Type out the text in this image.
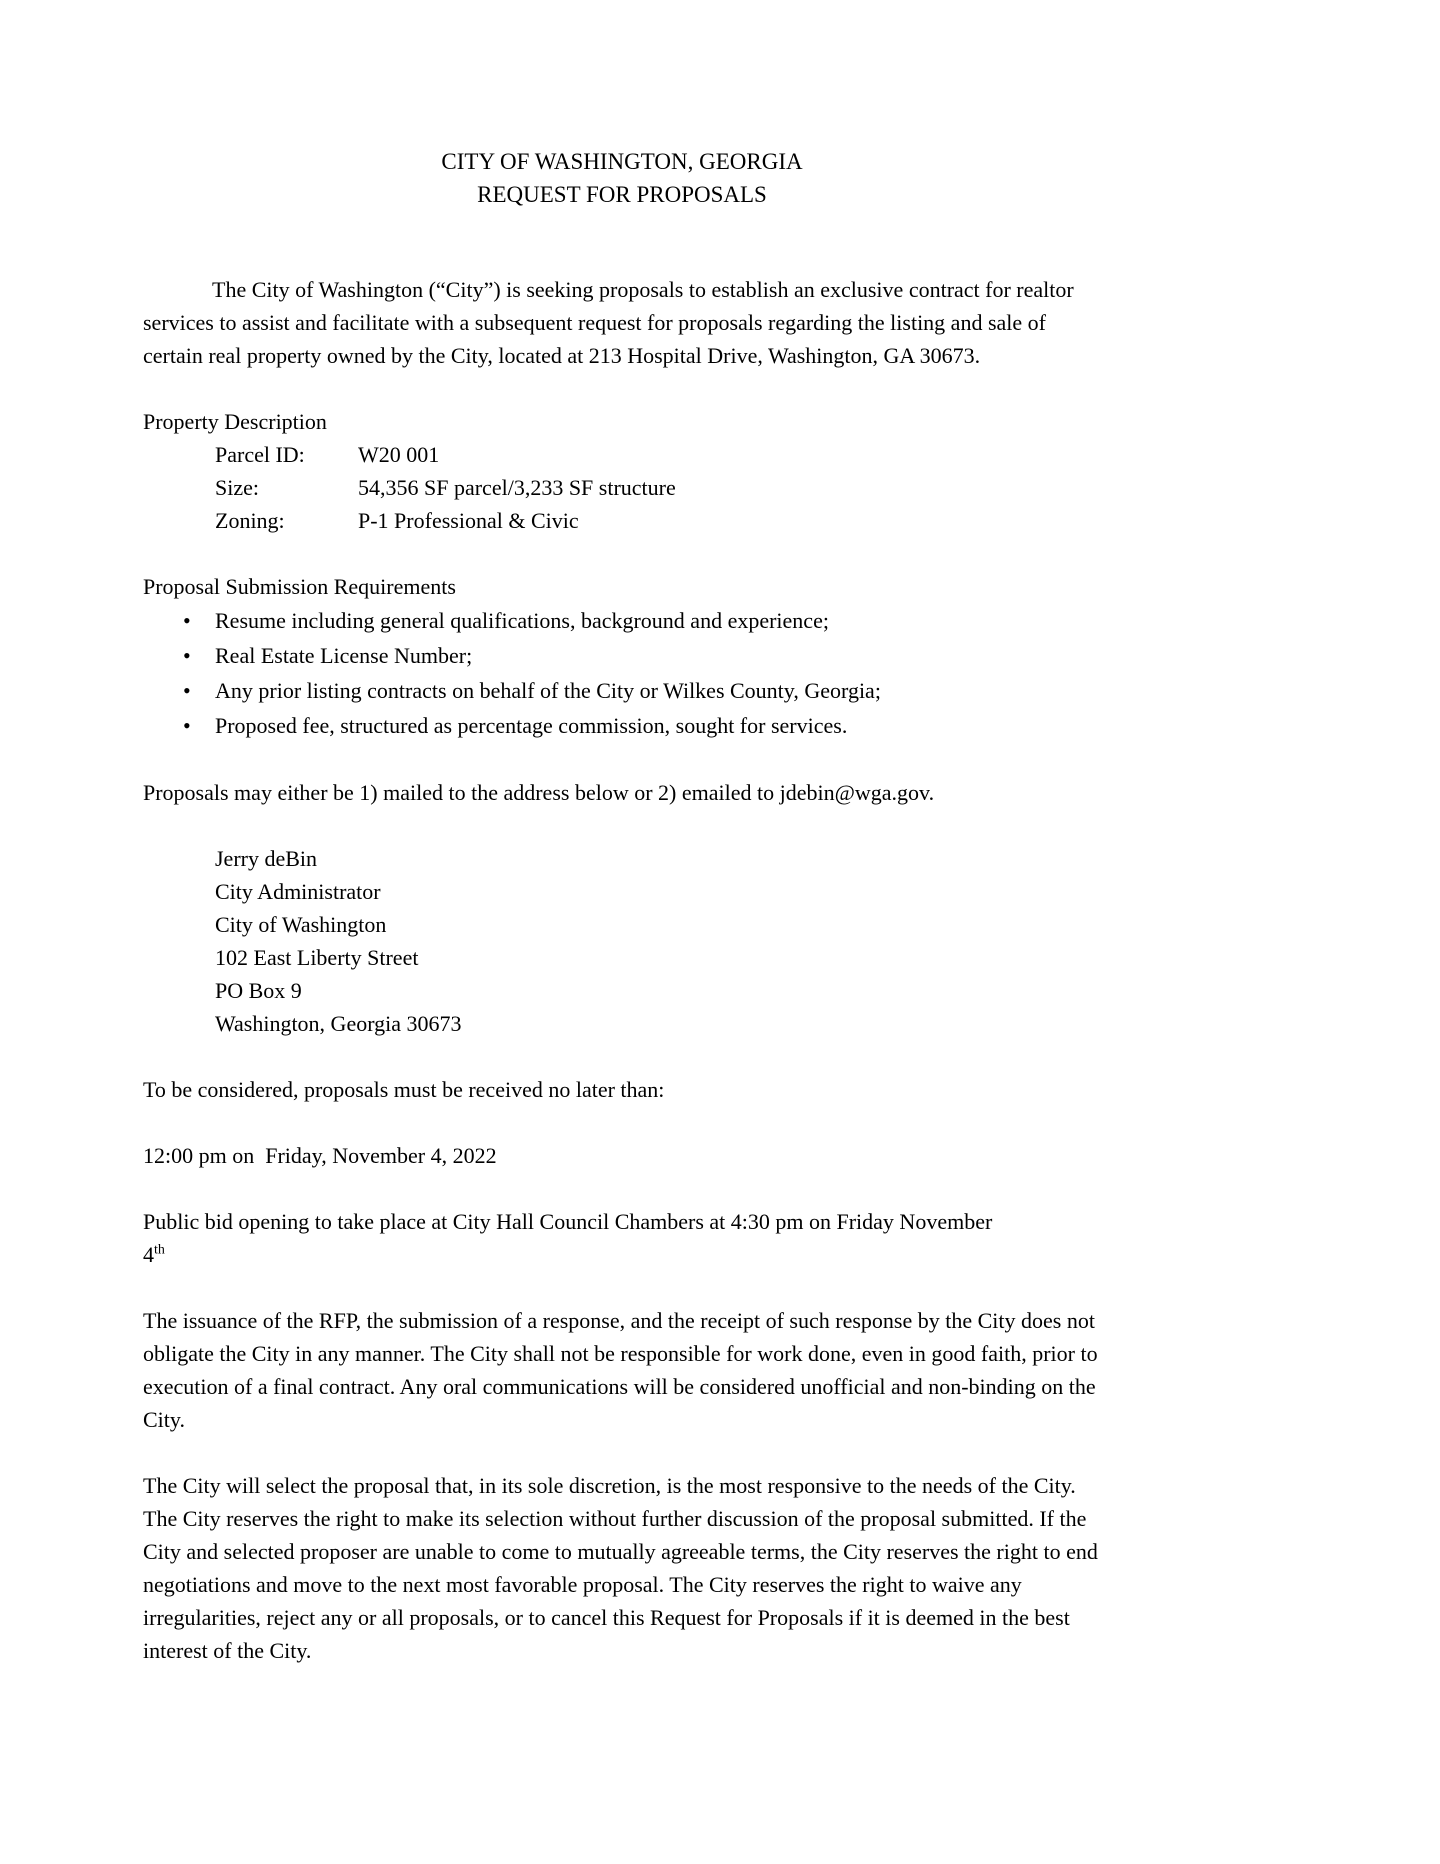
CITY OF WASHINGTON, GEORGIA
REQUEST FOR PROPOSALS

The City of Washington (“City”) is seeking proposals to establish an exclusive contract for realtor services to assist and facilitate with a subsequent request for proposals regarding the listing and sale of certain real property owned by the City, located at 213 Hospital Drive, Washington, GA 30673.

Property Description
Parcel ID:	W20 001
Size:	54,356 SF parcel/3,233 SF structure
Zoning:	P-1 Professional & Civic
Proposal Submission Requirements
•	Resume including general qualifications, background and experience;
•	Real Estate License Number;
•	Any prior listing contracts on behalf of the City or Wilkes County, Georgia;
•	Proposed fee, structured as percentage commission, sought for services.

Proposals may either be 1) mailed to the address below or 2) emailed to jdebin@wga.gov.

Jerry deBin
City Administrator
City of Washington
102 East Liberty Street
PO Box 9
Washington, Georgia 30673

To be considered, proposals must be received no later than:

12:00 pm on  Friday, November 4, 2022

Public bid opening to take place at City Hall Council Chambers at 4:30 pm on Friday November
4th

The issuance of the RFP, the submission of a response, and the receipt of such response by the City does not obligate the City in any manner. The City shall not be responsible for work done, even in good faith, prior to execution of a final contract. Any oral communications will be considered unofficial and non-binding on the City.

The City will select the proposal that, in its sole discretion, is the most responsive to the needs of the City. The City reserves the right to make its selection without further discussion of the proposal submitted. If the City and selected proposer are unable to come to mutually agreeable terms, the City reserves the right to end negotiations and move to the next most favorable proposal. The City reserves the right to waive any irregularities, reject any or all proposals, or to cancel this Request for Proposals if it is deemed in the best interest of the City.
